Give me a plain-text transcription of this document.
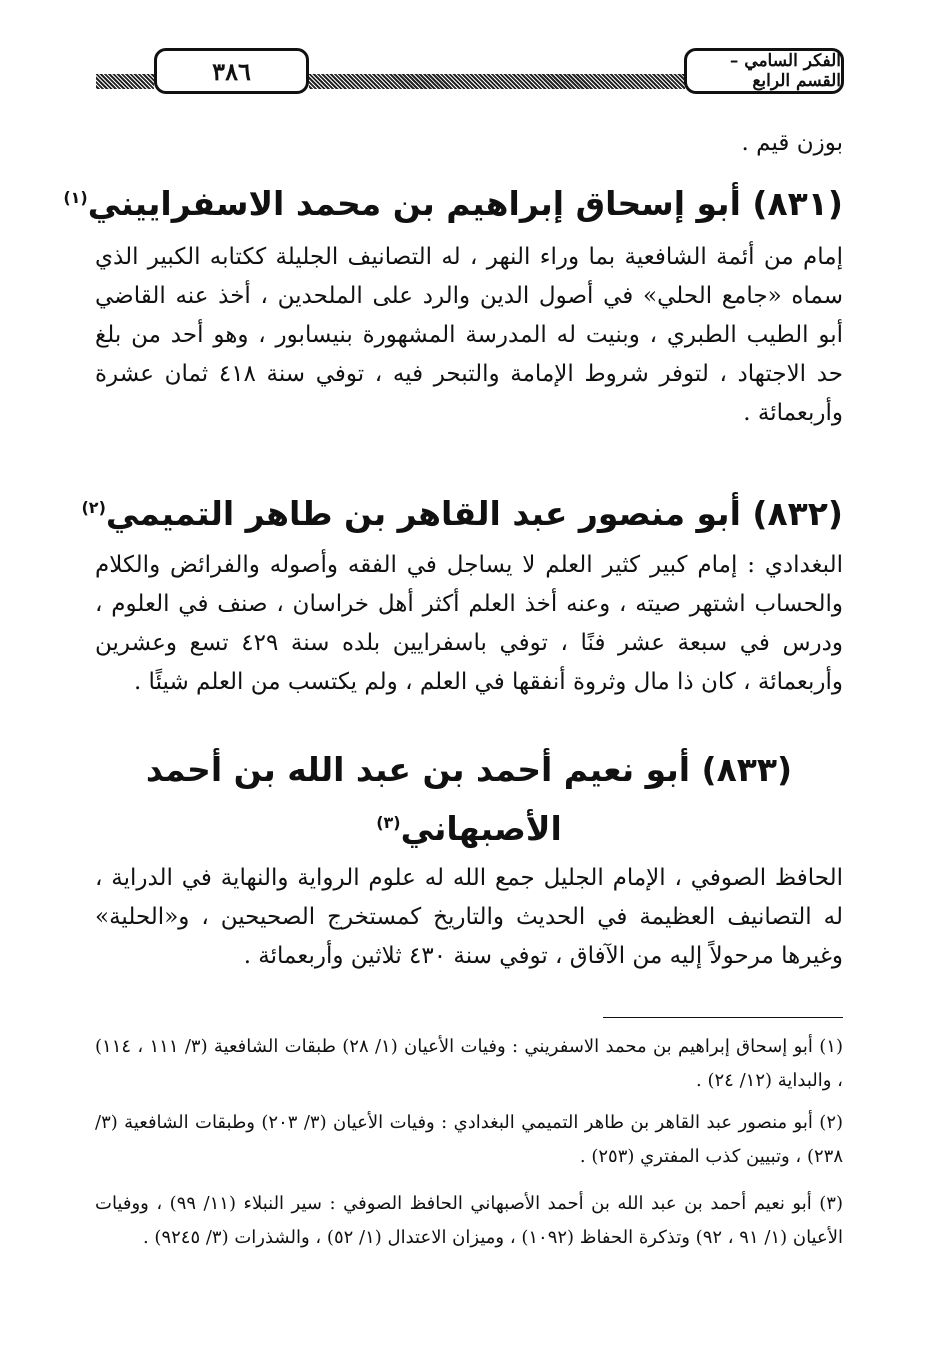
الفكر السامي – القسم الرابع
٣٨٦

بوزن قيم .

(٨٣١) أبو إسحاق إبراهيم بن محمد الاسفراييني$^{(١)}$

إمام من أئمة الشافعية بما وراء النهر ، له التصانيف الجليلة ككتابه الكبير الذي سماه «جامع الحلي» في أصول الدين والرد على الملحدين ، أخذ عنه القاضي أبو الطيب الطبري ، وبنيت له المدرسة المشهورة بنيسابور ، وهو أحد من بلغ حد الاجتهاد ، لتوفر شروط الإمامة والتبحر فيه ، توفي سنة ٤١٨ ثمان عشرة وأربعمائة .

(٨٣٢) أبو منصور عبد القاهر بن طاهر التميمي$^{(٢)}$

البغدادي : إمام كبير كثير العلم لا يساجل في الفقه وأصوله والفرائض والكلام والحساب اشتهر صيته ، وعنه أخذ العلم أكثر أهل خراسان ، صنف في العلوم ، ودرس في سبعة عشر فنًا ، توفي باسفرايين بلده سنة ٤٢٩ تسع وعشرين وأربعمائة ، كان ذا مال وثروة أنفقها في العلم ، ولم يكتسب من العلم شيئًا .

(٨٣٣) أبو نعيم أحمد بن عبد الله بن أحمد
الأصبهاني$^{(٣)}$

الحافظ الصوفي ، الإمام الجليل جمع الله له علوم الرواية والنهاية في الدراية ، له التصانيف العظيمة في الحديث والتاريخ كمستخرج الصحيحين ، و«الحلية» وغيرها مرحولاً إليه من الآفاق ، توفي سنة ٤٣٠ ثلاثين وأربعمائة .

(١) أبو إسحاق إبراهيم بن محمد الاسفريني : وفيات الأعيان (١/ ٢٨) طبقات الشافعية (٣/ ١١١ ، ١١٤) ، والبداية (١٢/ ٢٤) .

(٢) أبو منصور عبد القاهر بن طاهر التميمي البغدادي : وفيات الأعيان (٣/ ٢٠٣) وطبقات الشافعية (٣/ ٢٣٨) ، وتبيين كذب المفتري (٢٥٣) .

(٣) أبو نعيم أحمد بن عبد الله بن أحمد الأصبهاني الحافظ الصوفي : سير النبلاء (١١/ ٩٩) ، ووفيات الأعيان (١/ ٩١ ، ٩٢) وتذكرة الحفاظ (١٠٩٢) ، وميزان الاعتدال (١/ ٥٢) ، والشذرات (٣/ ٩٢٤٥) .
